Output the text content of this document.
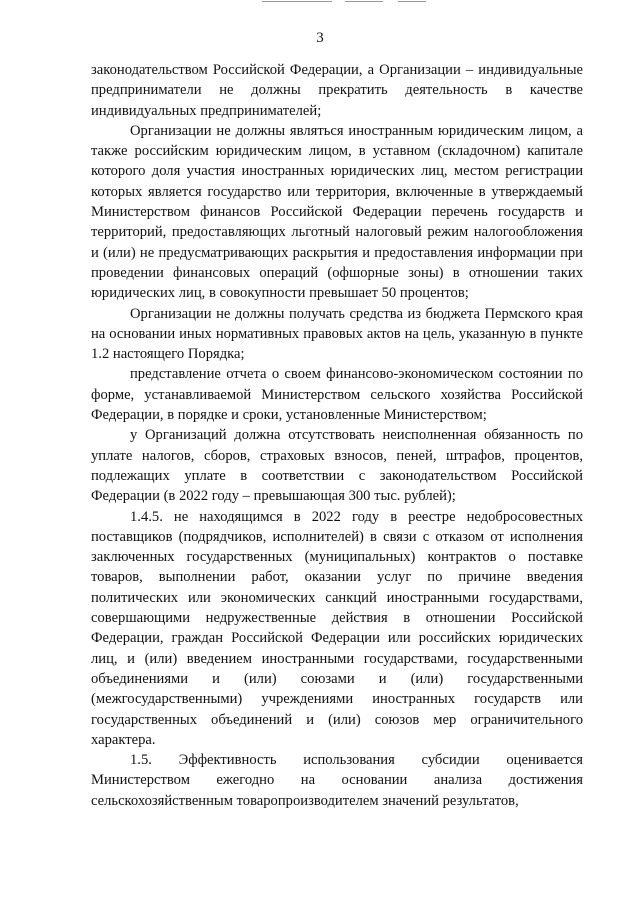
3

законодательством Российской Федерации, а Организации – индивидуальные предприниматели не должны прекратить деятельность в качестве индивидуальных предпринимателей;

Организации не должны являться иностранным юридическим лицом, а также российским юридическим лицом, в уставном (складочном) капитале которого доля участия иностранных юридических лиц, местом регистрации которых является государство или территория, включенные в утверждаемый Министерством финансов Российской Федерации перечень государств и территорий, предоставляющих льготный налоговый режим налогообложения и (или) не предусматривающих раскрытия и предоставления информации при проведении финансовых операций (офшорные зоны) в отношении таких юридических лиц, в совокупности превышает 50 процентов;

Организации не должны получать средства из бюджета Пермского края на основании иных нормативных правовых актов на цель, указанную в пункте 1.2 настоящего Порядка;

представление отчета о своем финансово-экономическом состоянии по форме, устанавливаемой Министерством сельского хозяйства Российской Федерации, в порядке и сроки, установленные Министерством;

у Организаций должна отсутствовать неисполненная обязанность по уплате налогов, сборов, страховых взносов, пеней, штрафов, процентов, подлежащих уплате в соответствии с законодательством Российской Федерации (в 2022 году – превышающая 300 тыс. рублей);

1.4.5. не находящимся в 2022 году в реестре недобросовестных поставщиков (подрядчиков, исполнителей) в связи с отказом от исполнения заключенных государственных (муниципальных) контрактов о поставке товаров, выполнении работ, оказании услуг по причине введения политических или экономических санкций иностранными государствами, совершающими недружественные действия в отношении Российской Федерации, граждан Российской Федерации или российских юридических лиц, и (или) введением иностранными государствами, государственными объединениями и (или) союзами и (или) государственными (межгосударственными) учреждениями иностранных государств или государственных объединений и (или) союзов мер ограничительного характера.

1.5. Эффективность использования субсидии оценивается Министерством ежегодно на основании анализа достижения сельскохозяйственным товаропроизводителем значений результатов,
